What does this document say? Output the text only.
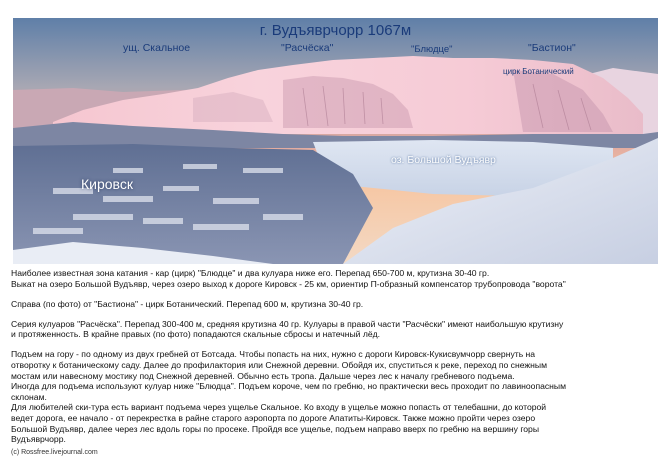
г. Вудъяврчорр 1067м
ущ. Скальное	"Расчёска"	"Блюдце"	"Бастион"
цирк Ботанический
Кировск
оз. Большой Вудъявр

Наиболее известная зона катания - кар (цирк) "Блюдце" и два кулуара ниже его. Перепад 650-700 м, крутизна 30-40 гр.

Выкат на озеро Большой Вудъявр, через озеро выход к дороге Кировск - 25 км, ориентир П-образный компенсатор трубопровода "ворота"

Справа (по фото) от "Бастиона" - цирк Ботанический. Перепад 600 м, крутизна 30-40 гр.

Серия кулуаров "Расчёска". Перепад 300-400 м, средняя крутизна 40 гр. Кулуары в правой части "Расчёски" имеют наибольшую крутизну

и протяженность. В крайне правых (по фото) попадаются скальные сбросы и натечный лёд.

Подъем на гору - по одному из двух гребней от Ботсада. Чтобы попасть на них, нужно с дороги Кировск-Кукисвумчорр свернуть на

отворотку к ботаническому саду. Далее до профилактория или Снежной деревни. Обойдя их, спуститься к реке, переход по снежным

мостам или навесному мостику под Снежной деревней. Обычно есть тропа. Дальше через лес к началу гребневого подъема.

Иногда для подъема используют кулуар ниже "Блюдца". Подъем короче, чем по гребню, но практически весь проходит по лавиноопасным

склонам.

Для любителей ски-тура есть вариант подъема через ущелье Скальное. Ко входу в ущелье можно попасть от телебашни, до которой

ведет дорога, ее начало - от перекрестка в райне старого аэропорта по дороге Апатиты-Кировск. Также можно пройти через озеро

Большой Вудъявр, далее через лес вдоль горы по просеке. Пройдя все ущелье, подъем направо вверх по гребню на вершину горы

Вудъяврчорр.

(c) Rossfree.livejournal.com
